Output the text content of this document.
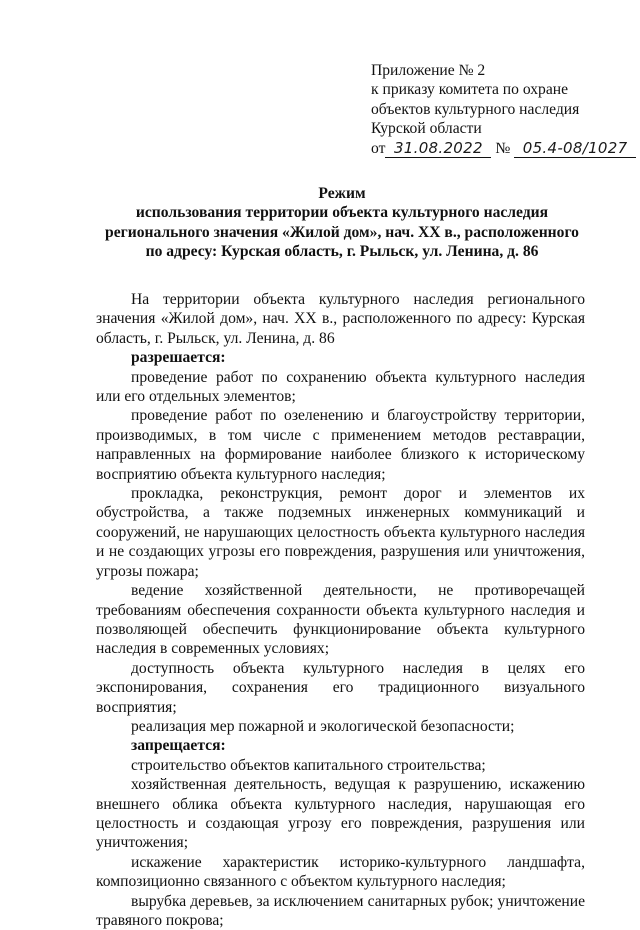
Приложение № 2
к приказу комитета по охране
объектов культурного наследия
Курской области
от 31.08.2022 № 05.4-08/1027
Режим
использования территории объекта культурного наследия
регионального значения «Жилой дом», нач. XX в., расположенного
по адресу: Курская область, г. Рыльск, ул. Ленина, д. 86

На территории объекта культурного наследия регионального значения «Жилой дом», нач. XX в., расположенного по адресу: Курская область, г. Рыльск, ул. Ленина, д. 86

разрешается:

проведение работ по сохранению объекта культурного наследия или его отдельных элементов;

проведение работ по озеленению и благоустройству территории, производимых, в том числе с применением методов реставрации, направленных на формирование наиболее близкого к историческому восприятию объекта культурного наследия;

прокладка, реконструкция, ремонт дорог и элементов их обустройства, а также подземных инженерных коммуникаций и сооружений, не нарушающих целостность объекта культурного наследия и не создающих угрозы его повреждения, разрушения или уничтожения, угрозы пожара;

ведение хозяйственной деятельности, не противоречащей требованиям обеспечения сохранности объекта культурного наследия и позволяющей обеспечить функционирование объекта культурного наследия в современных условиях;

доступность объекта культурного наследия в целях его экспонирования, сохранения его традиционного визуального восприятия;

реализация мер пожарной и экологической безопасности;

запрещается:

строительство объектов капитального строительства;

хозяйственная деятельность, ведущая к разрушению, искажению внешнего облика объекта культурного наследия, нарушающая его целостность и создающая угрозу его повреждения, разрушения или уничтожения;

искажение характеристик историко-культурного ландшафта, композиционно связанного с объектом культурного наследия;

вырубка деревьев, за исключением санитарных рубок; уничтожение травяного покрова;
